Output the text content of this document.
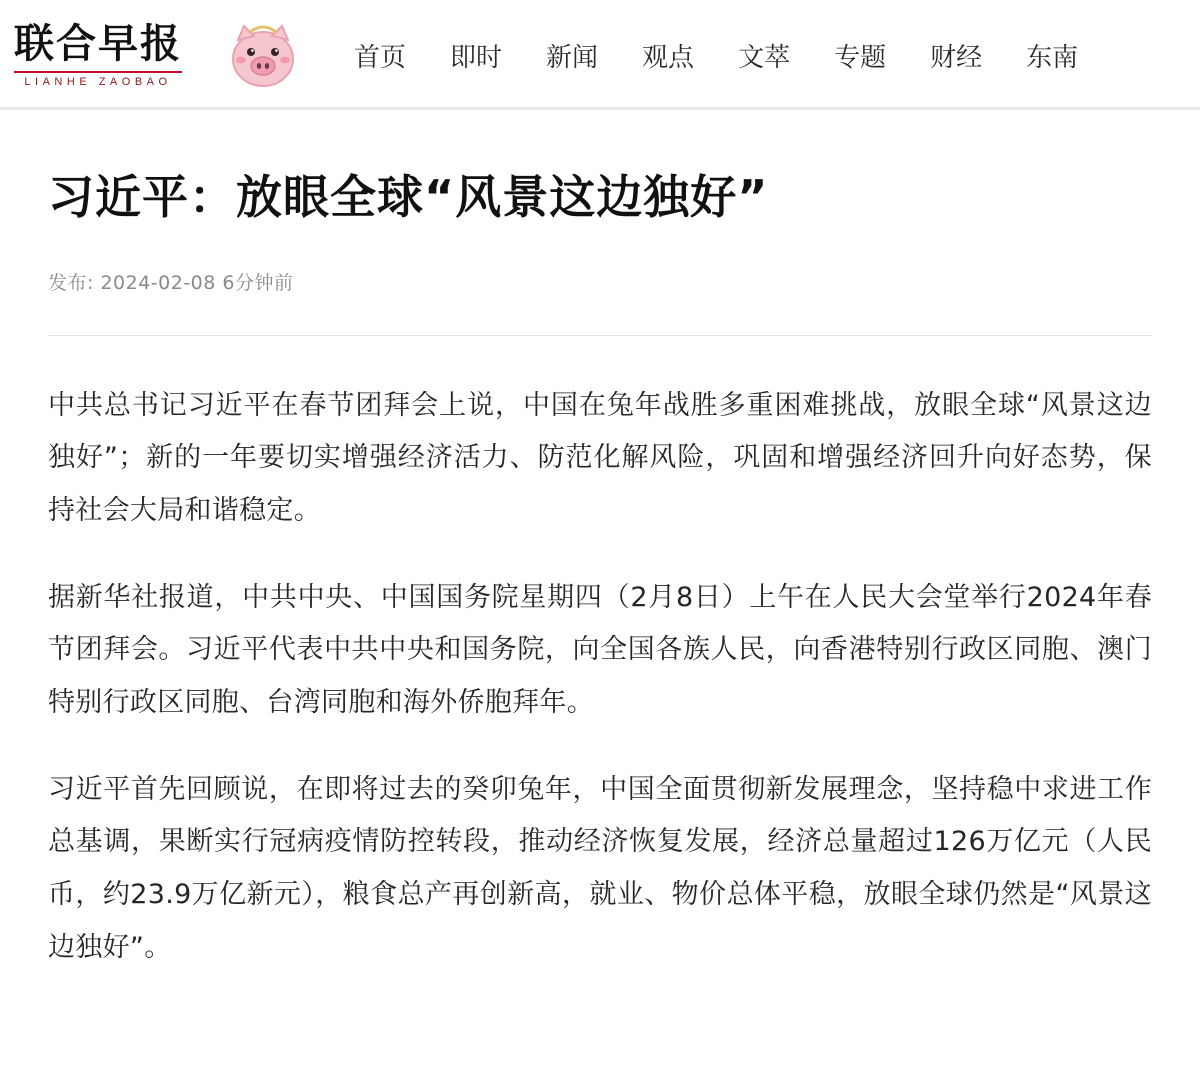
联合早报
LIANHE ZAOBAO
首页	即时	新闻	观点	文萃	专题	财经	东南
习近平：放眼全球“风景这边独好”
发布: 2024-02-08 6分钟前

中共总书记习近平在春节团拜会上说，中国在兔年战胜多重困难挑战，放眼全球“风景这边独好”；新的一年要切实增强经济活力、防范化解风险，巩固和增强经济回升向好态势，保持社会大局和谐稳定。

据新华社报道，中共中央、中国国务院星期四（2月8日）上午在人民大会堂举行2024年春节团拜会。习近平代表中共中央和国务院，向全国各族人民，向香港特别行政区同胞、澳门特别行政区同胞、台湾同胞和海外侨胞拜年。

习近平首先回顾说，在即将过去的癸卯兔年，中国全面贯彻新发展理念，坚持稳中求进工作总基调，果断实行冠病疫情防控转段，推动经济恢复发展，经济总量超过126万亿元（人民币，约23.9万亿新元），粮食总产再创新高，就业、物价总体平稳，放眼全球仍然是“风景这边独好”。
